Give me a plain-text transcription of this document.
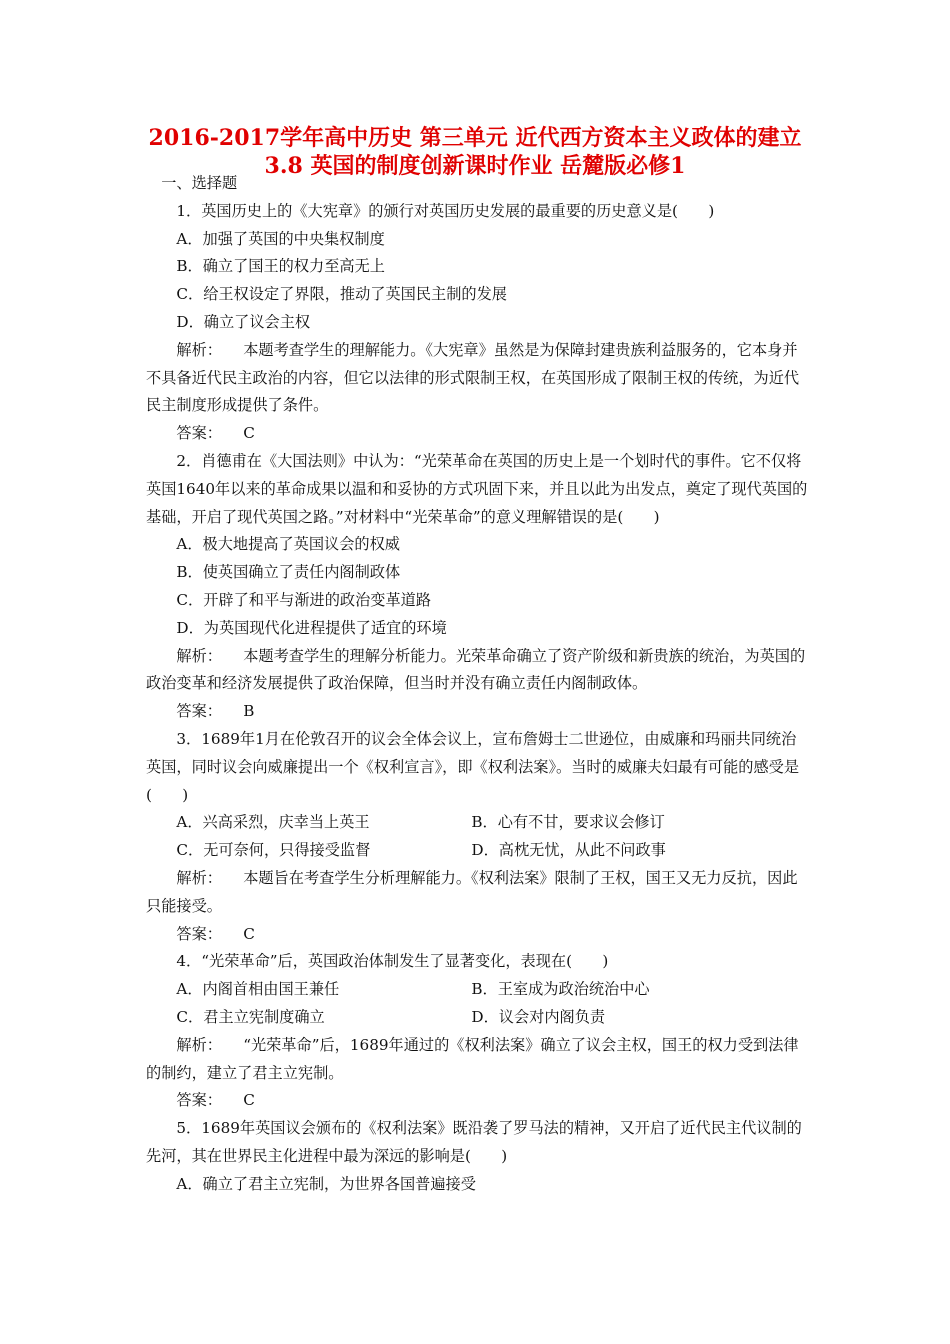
2016-2017学年高中历史 第三单元 近代西方资本主义政体的建立
3.8 英国的制度创新课时作业 岳麓版必修1

一、选择题

1．英国历史上的《大宪章》的颁行对英国历史发展的最重要的历史意义是(　　)

A．加强了英国的中央集权制度

B．确立了国王的权力至高无上

C．给王权设定了界限，推动了英国民主制的发展

D．确立了议会主权

解析： 本题考查学生的理解能力。《大宪章》虽然是为保障封建贵族利益服务的，它本身并不具备近代民主政治的内容，但它以法律的形式限制王权，在英国形成了限制王权的传统，为近代民主制度形成提供了条件。

答案： C

2．肖德甫在《大国法则》中认为：“光荣革命在英国的历史上是一个划时代的事件。它不仅将英国1640年以来的革命成果以温和和妥协的方式巩固下来，并且以此为出发点，奠定了现代英国的基础，开启了现代英国之路。”对材料中“光荣革命”的意义理解错误的是(　　)

A．极大地提高了英国议会的权威

B．使英国确立了责任内阁制政体

C．开辟了和平与渐进的政治变革道路

D．为英国现代化进程提供了适宜的环境

解析： 本题考查学生的理解分析能力。光荣革命确立了资产阶级和新贵族的统治，为英国的政治变革和经济发展提供了政治保障，但当时并没有确立责任内阁制政体。

答案： B

3．1689年1月在伦敦召开的议会全体会议上，宣布詹姆士二世逊位，由威廉和玛丽共同统治英国，同时议会向威廉提出一个《权利宣言》，即《权利法案》。当时的威廉夫妇最有可能的感受是(　　)

A．兴高采烈，庆幸当上英王	B．心有不甘，要求议会修订
C．无可奈何，只得接受监督	D．高枕无忧，从此不问政事

解析： 本题旨在考查学生分析理解能力。《权利法案》限制了王权，国王又无力反抗，因此只能接受。

答案： C

4．“光荣革命”后，英国政治体制发生了显著变化，表现在(　　)

A．内阁首相由国王兼任	B．王室成为政治统治中心
C．君主立宪制度确立	D．议会对内阁负责

解析： “光荣革命”后，1689年通过的《权利法案》确立了议会主权，国王的权力受到法律的制约，建立了君主立宪制。

答案： C

5．1689年英国议会颁布的《权利法案》既沿袭了罗马法的精神，又开启了近代民主代议制的先河，其在世界民主化进程中最为深远的影响是(　　)

A．确立了君主立宪制，为世界各国普遍接受
